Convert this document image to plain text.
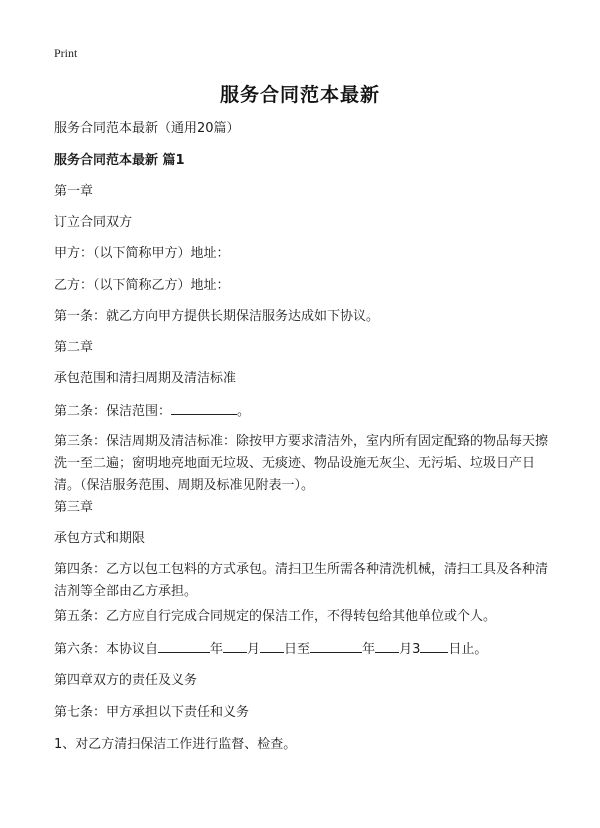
Print
服务合同范本最新
服务合同范本最新（通用20篇）
服务合同范本最新 篇1
第一章
订立合同双方
甲方：（以下简称甲方）地址：
乙方：（以下简称乙方）地址：
第一条：就乙方向甲方提供长期保洁服务达成如下协议。
第二章
承包范围和清扫周期及清洁标准
第二条：保洁范围：	。
第三条：保洁周期及清洁标准：除按甲方要求清洁外，室内所有固定配臵的物品每天擦洗一至二遍；窗明地亮地面无垃圾、无痰迹、物品设施无灰尘、无污垢、垃圾日产日清。（保洁服务范围、周期及标准见附表一）。
第三章
承包方式和期限
第四条：乙方以包工包料的方式承包。清扫卫生所需各种清洗机械，清扫工具及各种清洁剂等全部由乙方承担。
第五条：乙方应自行完成合同规定的保洁工作，不得转包给其他单位或个人。
第六条：本协议自	年 月 日至	年 月3 日止。
第四章双方的责任及义务
第七条：甲方承担以下责任和义务
1、对乙方清扫保洁工作进行监督、检查。
